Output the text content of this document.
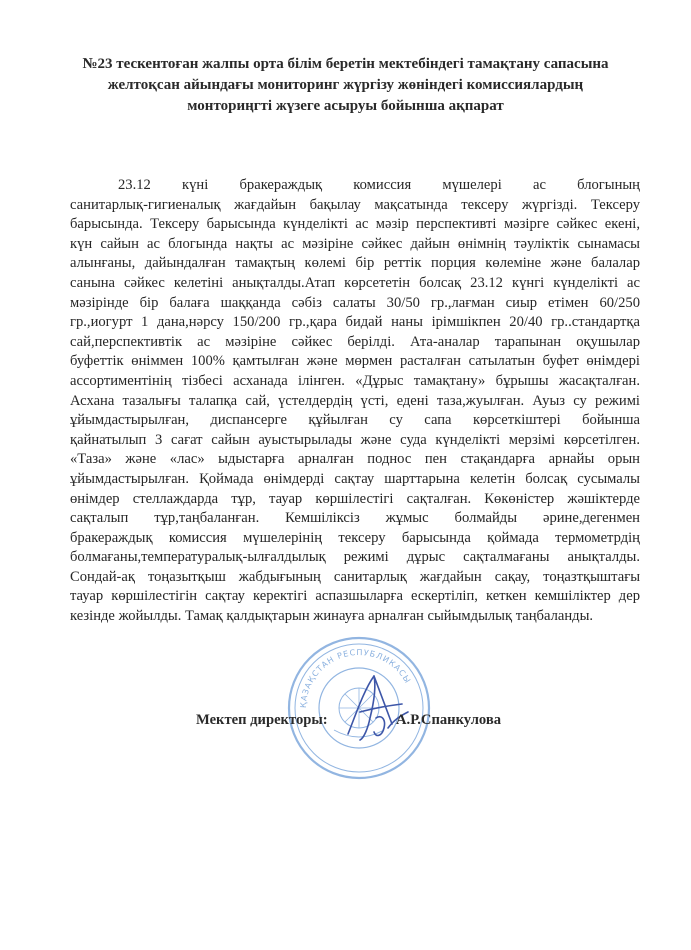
№23 тескентоған жалпы орта білім беретін мектебіндегі тамақтану сапасына
желтоқсан айындағы мониторинг жүргізу жөніндегі комиссиялардың
монториңгті жүзеге асыруы бойынша ақпарат
23.12 күні бракераждық комиссия мүшелері ас блогының
санитарлық-гигиеналық жағдайын бақылау мақсатында тексеру жүргізді. Тексеру
барысында. Тексеру барысында күнделікті ас мәзір перспективті мәзірге сәйкес екені,
күн сайын ас блогында нақты ас мәзіріне сәйкес дайын өнімнің тәуліктік сынамасы
алынғаны, дайындалған тамақтың көлемі бір реттік порция көлеміне және балалар
санына сәйкес келетіні анықталды.Атап көрсететін болсақ 23.12 күнгі күнделікті ас
мәзірінде бір балаға шаққанда сәбіз салаты 30/50 гр.,лағман сиыр етімен 60/250
гр.,иогурт 1 дана,нәрсу 150/200 гр.,қара бидай наны ірімшікпен 20/40 гр..стандартқа
сай,перспективтік ас мәзіріне сәйкес берілді. Ата-аналар тарапынан оқушылар
буфеттік өніммен 100% қамтылған және мөрмен расталған сатылатын буфет өнімдері
ассортиментінің тізбесі асханада ілінген. «Дұрыс тамақтану» бұрышы жасақталған.
Асхана тазалығы талапқа сай, үстелдердің үсті, едені таза,жуылған. Ауыз су режимі
ұйымдастырылған, диспансерге құйылған су сапа көрсеткіштері бойынша
қайнатылып 3 сағат сайын ауыстырылады және суда күнделікті мерзімі көрсетілген.
«Таза» және «лас» ыдыстарға арналған поднос пен стақандарға арнайы орын
ұйымдастырылған. Қоймада өнімдерді сақтау шарттарына келетін болсақ сусымалы
өнімдер стеллаждарда тұр, тауар көршілестігі сақталған. Көкөністер жәшіктерде
сақталып тұр,таңбаланған. Кемшіліксіз жұмыс болмайды әрине,дегенмен
бракераждық комиссия мүшелерінің тексеру барысында қоймада термометрдің
болмағаны,температуралық-ылғалдылық режимі дұрыс сақталмағаны анықталды.
Сондай-ақ тоңазытқыш жабдығының санитарлық жағдайын сақау, тоңазтқыштағы
тауар көршілестігін сақтау керектігі аспазшыларға ескертіліп, кеткен кемшіліктер дер
кезінде жойылды. Тамақ қалдықтарын жинауға арналған сыйымдылық таңбаланды.
ҚАЗАҚСТАН РЕСПУБЛИКАСЫ
Мектеп директоры:	А.Р.Спанкулова
